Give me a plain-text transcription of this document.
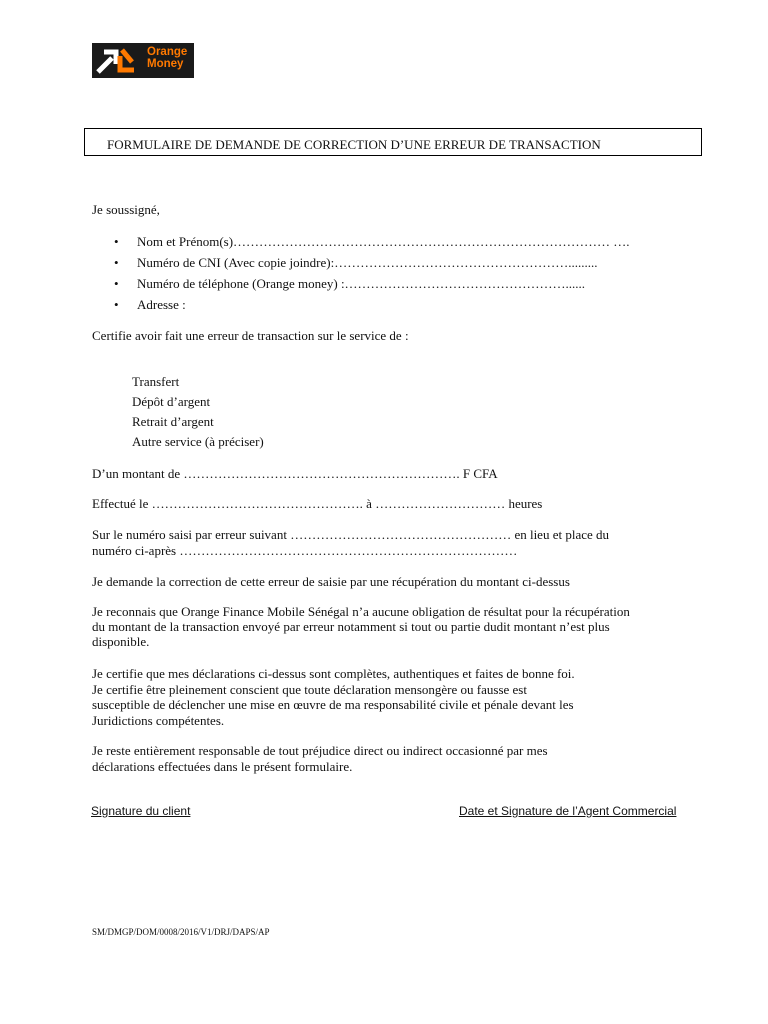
Orange
Money
FORMULAIRE DE DEMANDE DE CORRECTION D’UNE ERREUR DE TRANSACTION
Je soussigné,
• Nom et Prénom(s)…………………………………………………………………………… ….
• Numéro de CNI (Avec copie joindre):……………………………………………….........
• Numéro de téléphone (Orange money) :……………………………………………......
• Adresse :
Certifie avoir fait une erreur de transaction sur le service de :
Transfert
Dépôt d’argent
Retrait d’argent
Autre service (à préciser)
D’un montant de ………………………………………………………. F CFA
Effectué le …………………………………………. à ………………………… heures
Sur le numéro saisi par erreur suivant …………………………………………… en lieu et place du
numéro ci-après ……………………………………………………………………
Je demande la correction de cette erreur de saisie par une récupération du montant ci-dessus
Je reconnais que Orange Finance Mobile Sénégal n’a aucune obligation de résultat pour la récupération
du montant de la transaction envoyé par erreur notamment si tout ou partie dudit montant n’est plus
disponible.
Je certifie que mes déclarations ci-dessus sont complètes, authentiques et faites de bonne foi.
Je certifie être pleinement conscient que toute déclaration mensongère ou fausse est
susceptible de déclencher une mise en œuvre de ma responsabilité civile et pénale devant les
Juridictions compétentes.
Je reste entièrement responsable de tout préjudice direct ou indirect occasionné par mes
déclarations effectuées dans le présent formulaire.
Signature du client	Date et Signature de l’Agent Commercial
SM/DMGP/DOM/0008/2016/V1/DRJ/DAPS/AP
